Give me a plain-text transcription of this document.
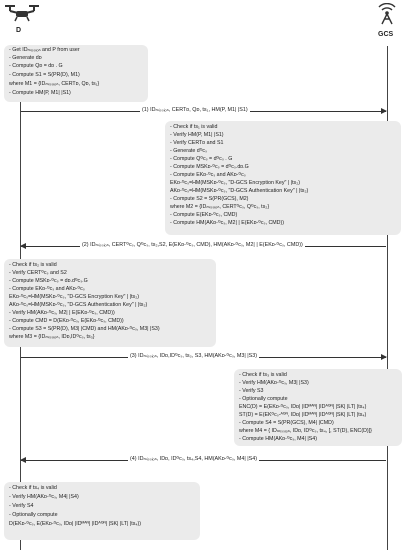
D
GCS
- Get IDₘᵢₛₛᵢₒₙ and P from user
- Generate dᴅ
- Compute Qᴅ = dᴅ . G
- Compute S1 = S(PR(D), M1)
where M1 = {IDₘᵢₛₛᵢₒₙ, CERTᴅ, Qᴅ, ts₁}
- Compute HM(P, M1| |S1)
(1) IDₘᵢₛₛᵢₒₙ, CERTᴅ, Qᴅ, ts₁, HM(P, M1| |S1)
- Check if ts₁ is valid
- Verify HM(P, M1| |S1)
- Verify CERTᴅ and S1
- Generate dᴳᴄₛ
- Compute Qᴳᴄₛ = dᴳᴄₛ . G
- Compute MSKᴅ-ᴳᴄₛ = dᴳᴄₛ.dᴅ.G
- Compute EKᴅ-ᴳᴄₛ and AKᴅ-ᴳᴄₛ
EKᴅ-ᴳᴄₛ=HM(MSKᴅ-ᴳᴄₛ, "D-GCS Encryption Key" | |ts₂)
AKᴅ-ᴳᴄₛ=HM(MSKᴅ-ᴳᴄₛ, "D-GCS Authentication Key" | |ts₂)
- Compute S2 = S(PR(GCS), M2)
where M2 = {IDₘᵢₛₛᵢₒₙ, CERTᴳᴄₛ, Qᴳᴄₛ, ts₂}
- Compute E(EKᴅ-ᴳᴄₛ, CMD)
- Compute HM(AKᴅ-ᴳᴄₛ, M2| | E(EKᴅ-ᴳᴄₛ, CMD))
(2) IDₘᵢₛₛᵢₒₙ, CERTᴳᴄₛ, Qᴳᴄₛ, ts₂,S2, E(EKᴅ-ᴳᴄₛ, CMD), HM(AKᴅ-ᴳᴄₛ, M2| | E(EKᴅ-ᴳᴄₛ, CMD))
- Check if ts₂ is valid
- Verify CERTᴳᴄₛ and S2
- Compute MSKᴅ-ᴳᴄₛ = dᴅ.dᴳᴄₛ.G
- Compute EKᴅ-ᴳᴄₛ and AKᴅ-ᴳᴄₛ
EKᴅ-ᴳᴄₛ=HM(MSKᴅ-ᴳᴄₛ, "D-GCS Encryption Key" | |ts₂)
AKᴅ-ᴳᴄₛ=HM(MSKᴅ-ᴳᴄₛ, "D-GCS Authentication Key" | |ts₂)
- Verify HM(AKᴅ-ᴳᴄₛ, M2| | E(EKᴅ-ᴳᴄₛ, CMD))
- Compute CMD = D(EKᴅ-ᴳᴄₛ, E(EKᴅ-ᴳᴄₛ, CMD))
- Compute S3 = S(PR(D), M3| |CMD) and HM(AKᴅ-ᴳᴄₛ, M3| |S3)
where M3 = {IDₘᵢₛₛᵢₒₙ, IDᴅ,IDᴳᴄₛ, ts₃}
(3) IDₘᵢₛₛᵢₒₙ, IDᴅ,IDᴳᴄₛ, ts₃, S3, HM(AKᴅ-ᴳᴄₛ, M3| |S3)
- Check if ts₃ is valid
- Verify HM(AKᴅ-ᴳᴄₛ, M3| |S3)
- Verify S3
- Optionally compute
ENC(D) = E(EKᴅ-ᴳᴄₛ, IDᴅ| |IDᴹᴬᴺ| |IDᴬᴳᴺ| |SK| |LT| |ts₄)
ST(D) = E(EKᴳᴄₛ-ᴬᴳᴺ, IDᴅ| |IDᴹᴬᴺ| |IDᴬᴳᴺ| |SK| |LT| |ts₄)
- Compute S4 = S(PR(GCS), M4| |CMD)
where M4 = { IDₘᵢₛₛᵢₒₙ, IDᴅ, IDᴳᴄₛ, ts₄, [, ST(D), ENC(D)]}
- Compute HM(AKᴅ-ᴳᴄₛ, M4| |S4)
(4) IDₘᵢₛₛᵢₒₙ, IDᴅ, IDᴳᴄₛ, ts₄,S4, HM(AKᴅ-ᴳᴄₛ, M4| |S4)
- Check if ts₄ is valid
- Verify HM(AKᴅ-ᴳᴄₛ, M4| |S4)
- Verify S4
- Optionally compute
D(EKᴅ-ᴳᴄₛ, E(EKᴅ-ᴳᴄₛ, IDᴅ| |IDᴹᴬᴺ| |IDᴬᴳᴺ| |SK| |LT| |ts₄))
